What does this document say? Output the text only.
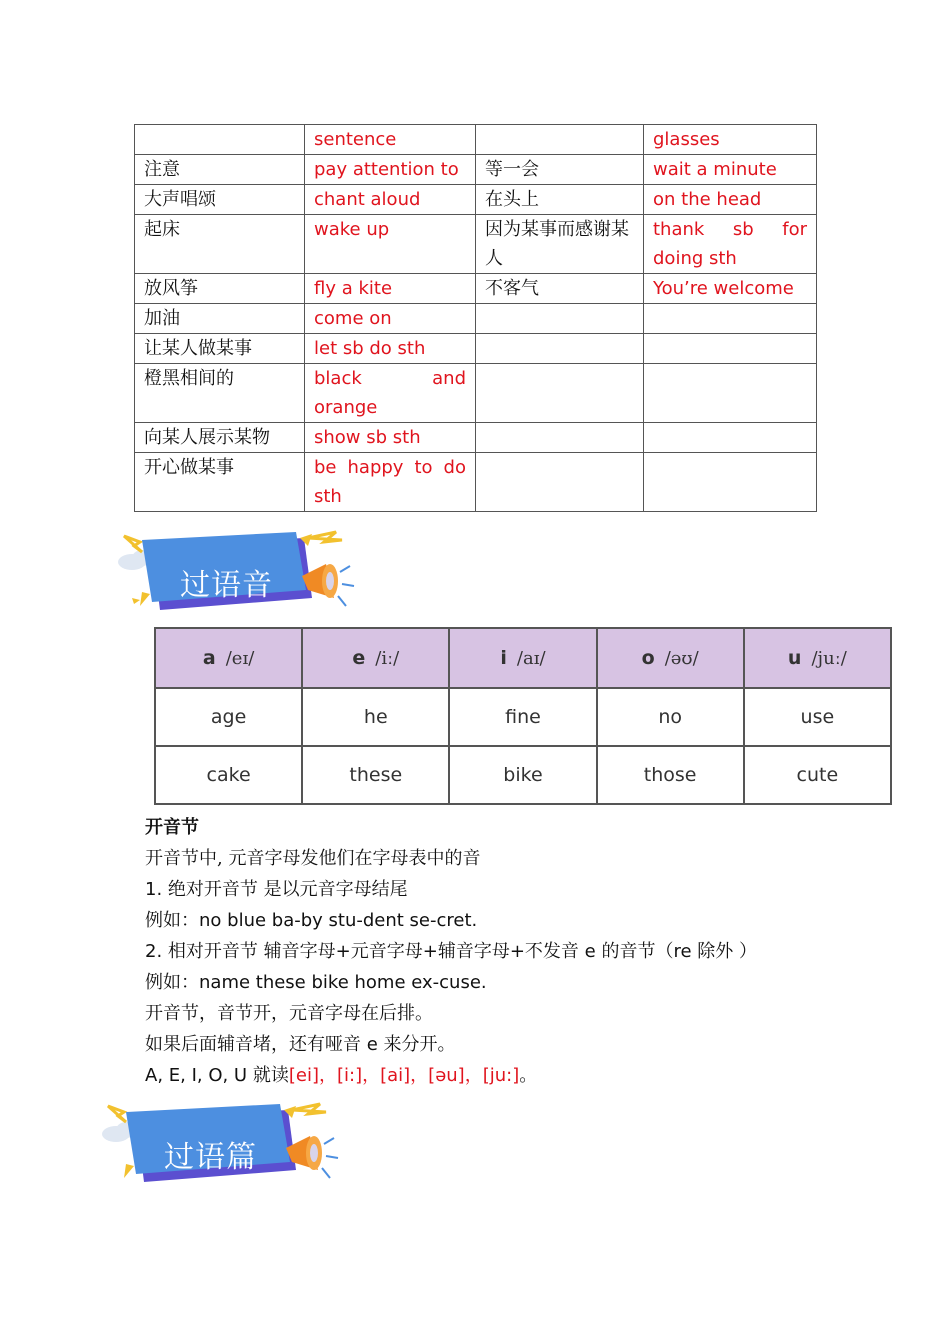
	sentence		glasses
注意	pay attention to	等一会	wait a minute
大声唱颂	chant aloud	在头上	on the head
起床	wake up	因为某事而感谢某人	thank sb for doing sth
放风筝	fly a kite	不客气	You’re welcome
加油	come on		
让某人做某事	let sb do sth		
橙黑相间的	black and orange		
向某人展示某物	show sb sth		
开心做某事	be happy to do sth		
过语音
a /eɪ/	e /iː/	i /aɪ/	o /əʊ/	u /juː/
age	he	fine	no	use
cake	these	bike	those	cute
开音节
开音节中, 元音字母发他们在字母表中的音
1. 绝对开音节 是以元音字母结尾
例如：no blue ba-by stu-dent se-cret.
2. 相对开音节 辅音字母+元音字母+辅音字母+不发音 e 的音节（re 除外 ）
例如：name these bike home ex-cuse.
开音节，音节开，元音字母在后排。
如果后面辅音堵，还有哑音 e 来分开。
A, E, I, O, U 就读[ei]，[i:]，[ai]，[əu]，[ju:]。
过语篇
